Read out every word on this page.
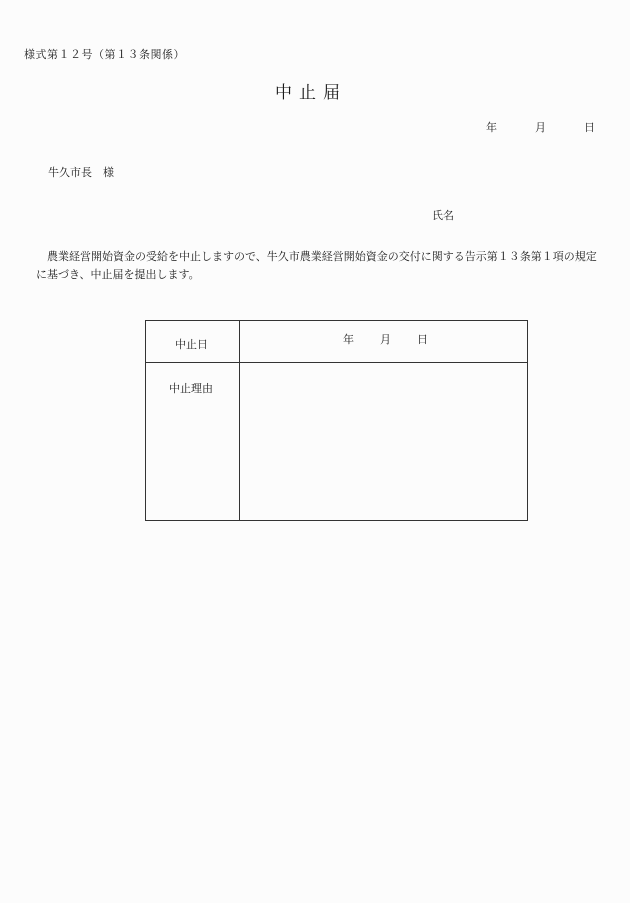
様式第１２号（第１３条関係）
中止届
年	月	日
牛久市長　様
氏名
農業経営開始資金の受給を中止しますので、牛久市農業経営開始資金の交付に関する告示第１３条第１項の規定に基づき、中止届を提出します。
中止日	年 月 日
中止理由
